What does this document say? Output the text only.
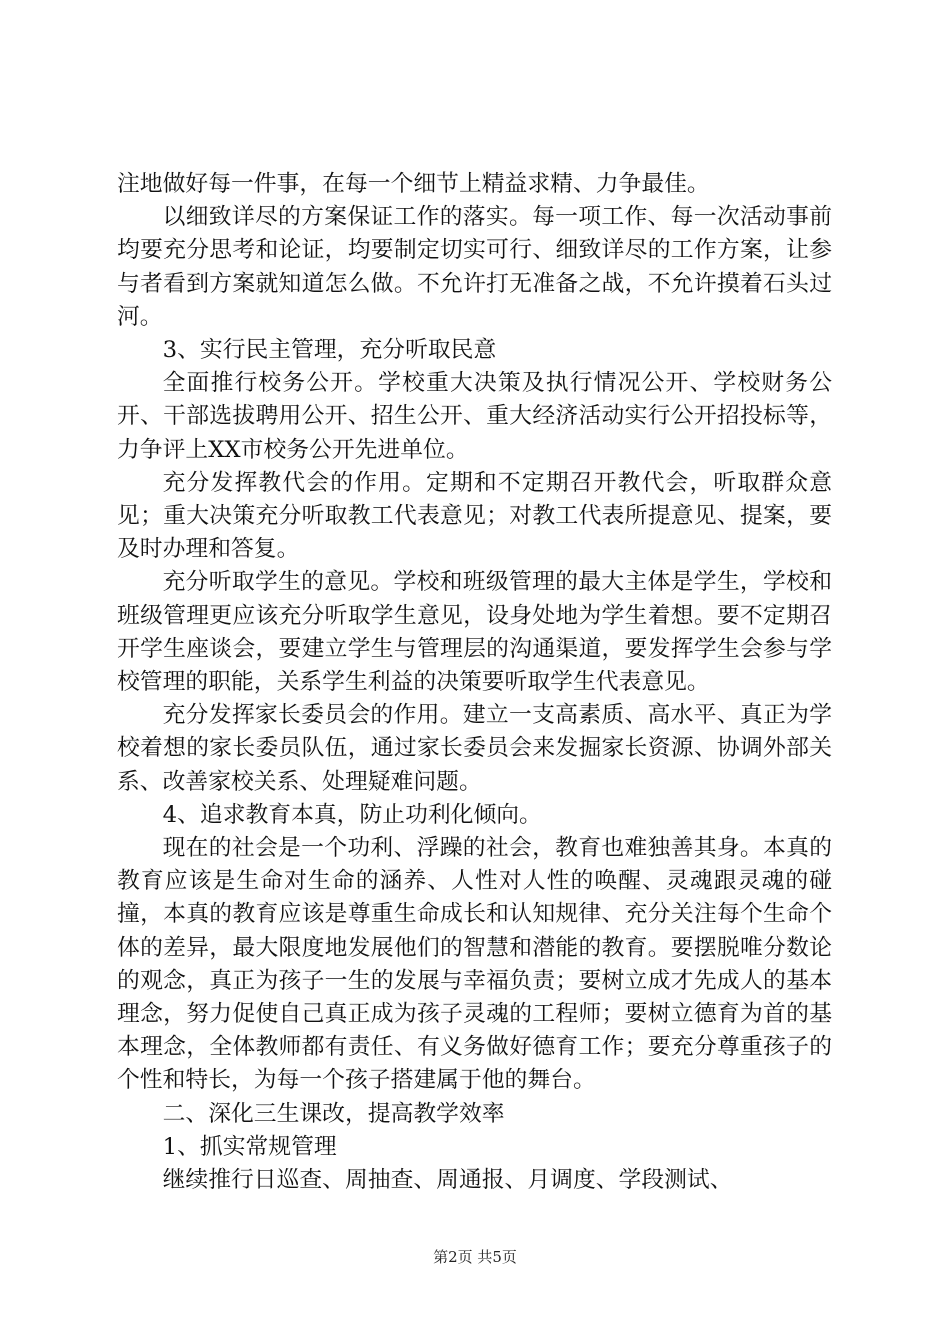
注地做好每一件事，在每一个细节上精益求精、力争最佳。

以细致详尽的方案保证工作的落实。每一项工作、每一次活动事前均要充分思考和论证，均要制定切实可行、细致详尽的工作方案，让参与者看到方案就知道怎么做。不允许打无准备之战，不允许摸着石头过河。

3、实行民主管理，充分听取民意

全面推行校务公开。学校重大决策及执行情况公开、学校财务公开、干部选拔聘用公开、招生公开、重大经济活动实行公开招投标等，力争评上XX市校务公开先进单位。

充分发挥教代会的作用。定期和不定期召开教代会，听取群众意见；重大决策充分听取教工代表意见；对教工代表所提意见、提案，要及时办理和答复。

充分听取学生的意见。学校和班级管理的最大主体是学生，学校和班级管理更应该充分听取学生意见，设身处地为学生着想。要不定期召开学生座谈会，要建立学生与管理层的沟通渠道，要发挥学生会参与学校管理的职能，关系学生利益的决策要听取学生代表意见。

充分发挥家长委员会的作用。建立一支高素质、高水平、真正为学校着想的家长委员队伍，通过家长委员会来发掘家长资源、协调外部关系、改善家校关系、处理疑难问题。

4、追求教育本真，防止功利化倾向。

现在的社会是一个功利、浮躁的社会，教育也难独善其身。本真的教育应该是生命对生命的涵养、人性对人性的唤醒、灵魂跟灵魂的碰撞，本真的教育应该是尊重生命成长和认知规律、充分关注每个生命个体的差异，最大限度地发展他们的智慧和潜能的教育。要摆脱唯分数论的观念，真正为孩子一生的发展与幸福负责；要树立成才先成人的基本理念，努力促使自己真正成为孩子灵魂的工程师；要树立德育为首的基本理念，全体教师都有责任、有义务做好德育工作；要充分尊重孩子的个性和特长，为每一个孩子搭建属于他的舞台。

二、深化三生课改，提高教学效率

1、抓实常规管理

继续推行日巡查、周抽查、周通报、月调度、学段测试、

第2页 共5页
